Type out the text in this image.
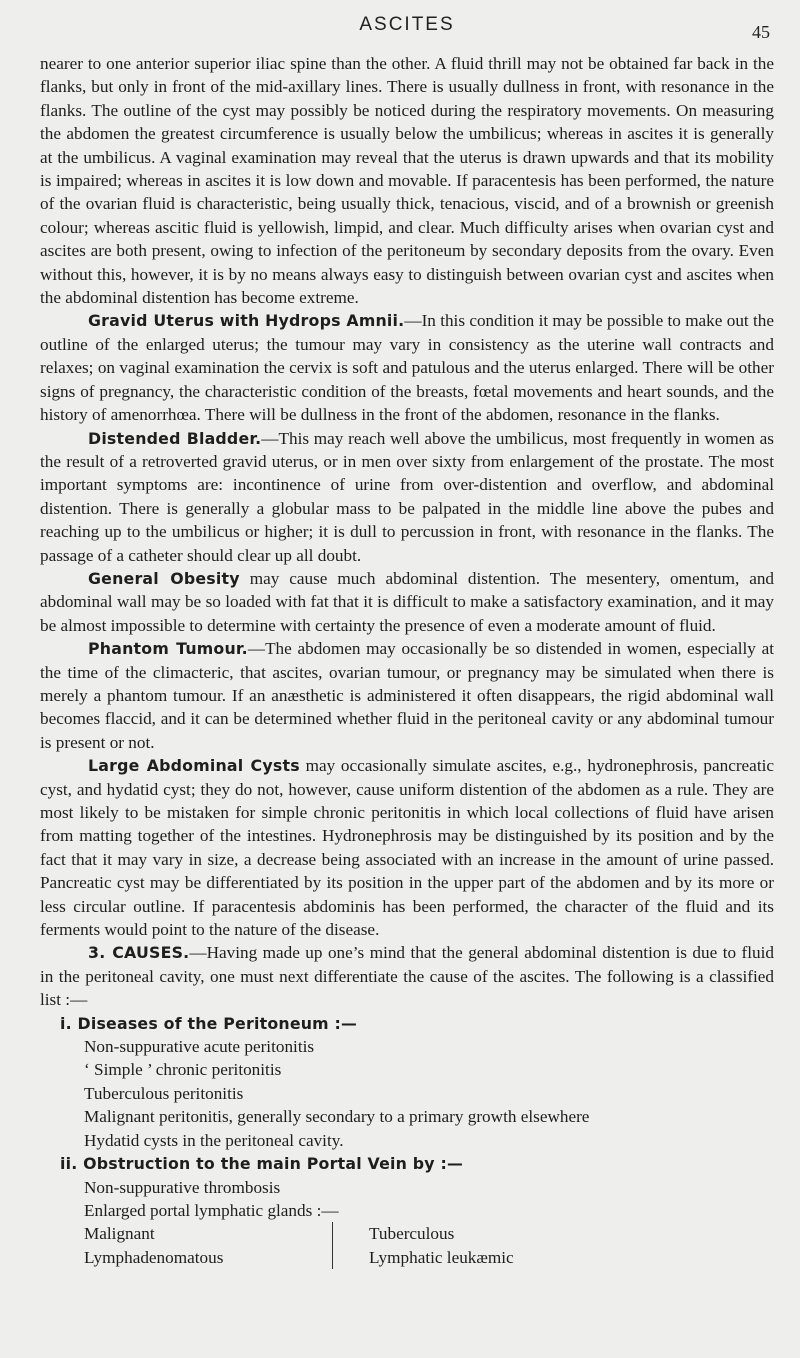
ASCITES	45

nearer to one anterior superior iliac spine than the other. A fluid thrill may not be obtained far back in the flanks, but only in front of the mid-axillary lines. There is usually dullness in front, with resonance in the flanks. The outline of the cyst may possibly be noticed during the respiratory movements. On measuring the abdomen the greatest circumference is usually below the umbilicus; whereas in ascites it is generally at the umbilicus. A vaginal examination may reveal that the uterus is drawn upwards and that its mobility is impaired; whereas in ascites it is low down and movable. If paracentesis has been performed, the nature of the ovarian fluid is characteristic, being usually thick, tenacious, viscid, and of a brownish or greenish colour; whereas ascitic fluid is yellowish, limpid, and clear. Much difficulty arises when ovarian cyst and ascites are both present, owing to infection of the peritoneum by secondary deposits from the ovary. Even without this, however, it is by no means always easy to distinguish between ovarian cyst and ascites when the abdominal distention has become extreme.

Gravid Uterus with Hydrops Amnii.—In this condition it may be possible to make out the outline of the enlarged uterus; the tumour may vary in consistency as the uterine wall contracts and relaxes; on vaginal examination the cervix is soft and patulous and the uterus enlarged. There will be other signs of pregnancy, the characteristic condition of the breasts, fœtal movements and heart sounds, and the history of amenorrhœa. There will be dullness in the front of the abdomen, resonance in the flanks.

Distended Bladder.—This may reach well above the umbilicus, most frequently in women as the result of a retroverted gravid uterus, or in men over sixty from enlargement of the prostate. The most important symptoms are: incontinence of urine from over-distention and overflow, and abdominal distention. There is generally a globular mass to be palpated in the middle line above the pubes and reaching up to the umbilicus or higher; it is dull to percussion in front, with resonance in the flanks. The passage of a catheter should clear up all doubt.

General Obesity may cause much abdominal distention. The mesentery, omentum, and abdominal wall may be so loaded with fat that it is difficult to make a satisfactory examination, and it may be almost impossible to determine with certainty the presence of even a moderate amount of fluid.

Phantom Tumour.—The abdomen may occasionally be so distended in women, especially at the time of the climacteric, that ascites, ovarian tumour, or pregnancy may be simulated when there is merely a phantom tumour. If an anæsthetic is administered it often disappears, the rigid abdominal wall becomes flaccid, and it can be determined whether fluid in the peritoneal cavity or any abdominal tumour is present or not.

Large Abdominal Cysts may occasionally simulate ascites, e.g., hydronephrosis, pancreatic cyst, and hydatid cyst; they do not, however, cause uniform distention of the abdomen as a rule. They are most likely to be mistaken for simple chronic peritonitis in which local collections of fluid have arisen from matting together of the intestines. Hydronephrosis may be distinguished by its position and by the fact that it may vary in size, a decrease being associated with an increase in the amount of urine passed. Pancreatic cyst may be differentiated by its position in the upper part of the abdomen and by its more or less circular outline. If paracentesis abdominis has been performed, the character of the fluid and its ferments would point to the nature of the disease.

3. CAUSES.—Having made up one’s mind that the general abdominal distention is due to fluid in the peritoneal cavity, one must next differentiate the cause of the ascites. The following is a classified list :—

i. Diseases of the Peritoneum :—
Non-suppurative acute peritonitis
‘ Simple ’ chronic peritonitis
Tuberculous peritonitis
Malignant peritonitis, generally secondary to a primary growth elsewhere
Hydatid cysts in the peritoneal cavity.
ii. Obstruction to the main Portal Vein by :—
Non-suppurative thrombosis
Enlarged portal lymphatic glands :—
Malignant
Lymphadenomatous
Tuberculous
Lymphatic leukæmic
